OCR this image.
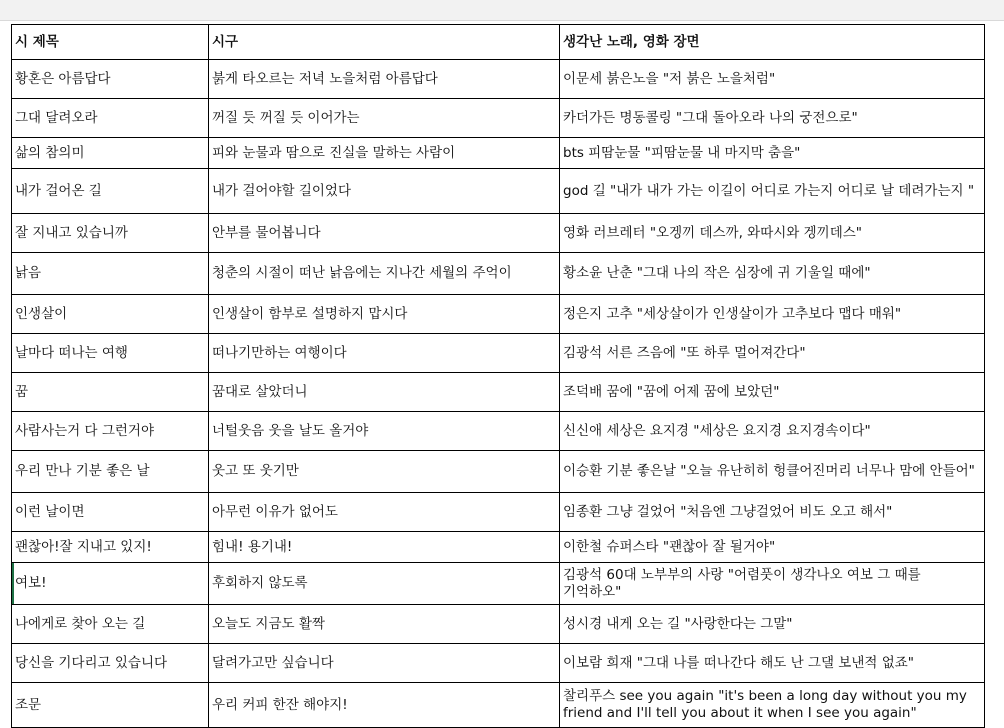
시 제목	시구	생각난 노래, 영화 장면
황혼은 아름답다	붉게 타오르는 저녁 노을처럼 아름답다	이문세 붉은노을 "저 붉은 노을처럼"
그대 달려오라	꺼질 듯 꺼질 듯 이어가는	카더가든 명동콜링 "그대 돌아오라 나의 궁전으로"
삶의 참의미	피와 눈물과 땀으로 진실을 말하는 사람이	bts 피땀눈물 "피땀눈물 내 마지막 춤을"
내가 걸어온 길	내가 걸어야할 길이었다	god 길 "내가 내가 가는 이길이 어디로 가는지 어디로 날 데려가는지 "
잘 지내고 있습니까	안부를 물어봅니다	영화 러브레터 "오겡끼 데스까, 와따시와 겡끼데스"
낡음	청춘의 시절이 떠난 낡음에는 지나간 세월의 주억이	황소윤 난춘 "그대 나의 작은 심장에 귀 기울일 때에"
인생살이	인생살이 함부로 설명하지 맙시다	정은지 고추 "세상살이가 인생살이가 고추보다 맵다 매워"
날마다 떠나는 여행	떠나기만하는 여행이다	김광석 서른 즈음에 "또 하루 멀어져간다"
꿈	꿈대로 살았더니	조덕배 꿈에 "꿈에 어제 꿈에 보았던"
사람사는거 다 그런거야	너털웃음 웃을 날도 올거야	신신애 세상은 요지경 "세상은 요지경 요지경속이다"
우리 만나 기분 좋은 날	웃고 또 웃기만	이승환 기분 좋은날 "오늘 유난히히 헝클어진머리 너무나 맘에 안들어"
이런 날이면	아무런 이유가 없어도	임종환 그냥 걸었어 "처음엔 그냥걸었어 비도 오고 해서"
괜찮아!잘 지내고 있지!	힘내! 용기내!	이한철 슈퍼스타 "괜찮아 잘 될거야"
여보!	후회하지 않도록	김광석 60대 노부부의 사랑 "어렴풋이 생각나오 여보 그 때를 기억하오"
나에게로 찾아 오는 길	오늘도 지금도 활짝	성시경 내게 오는 길 "사랑한다는 그말"
당신을 기다리고 있습니다	달려가고만 싶습니다	이보람 희재 "그대 나를 떠나간다 해도 난 그댈 보낸적 없죠"
조문	우리 커피 한잔 해야지!	찰리푸스 see you again "it's been a long day without you my friend and I'll tell you about it when I see you again"
